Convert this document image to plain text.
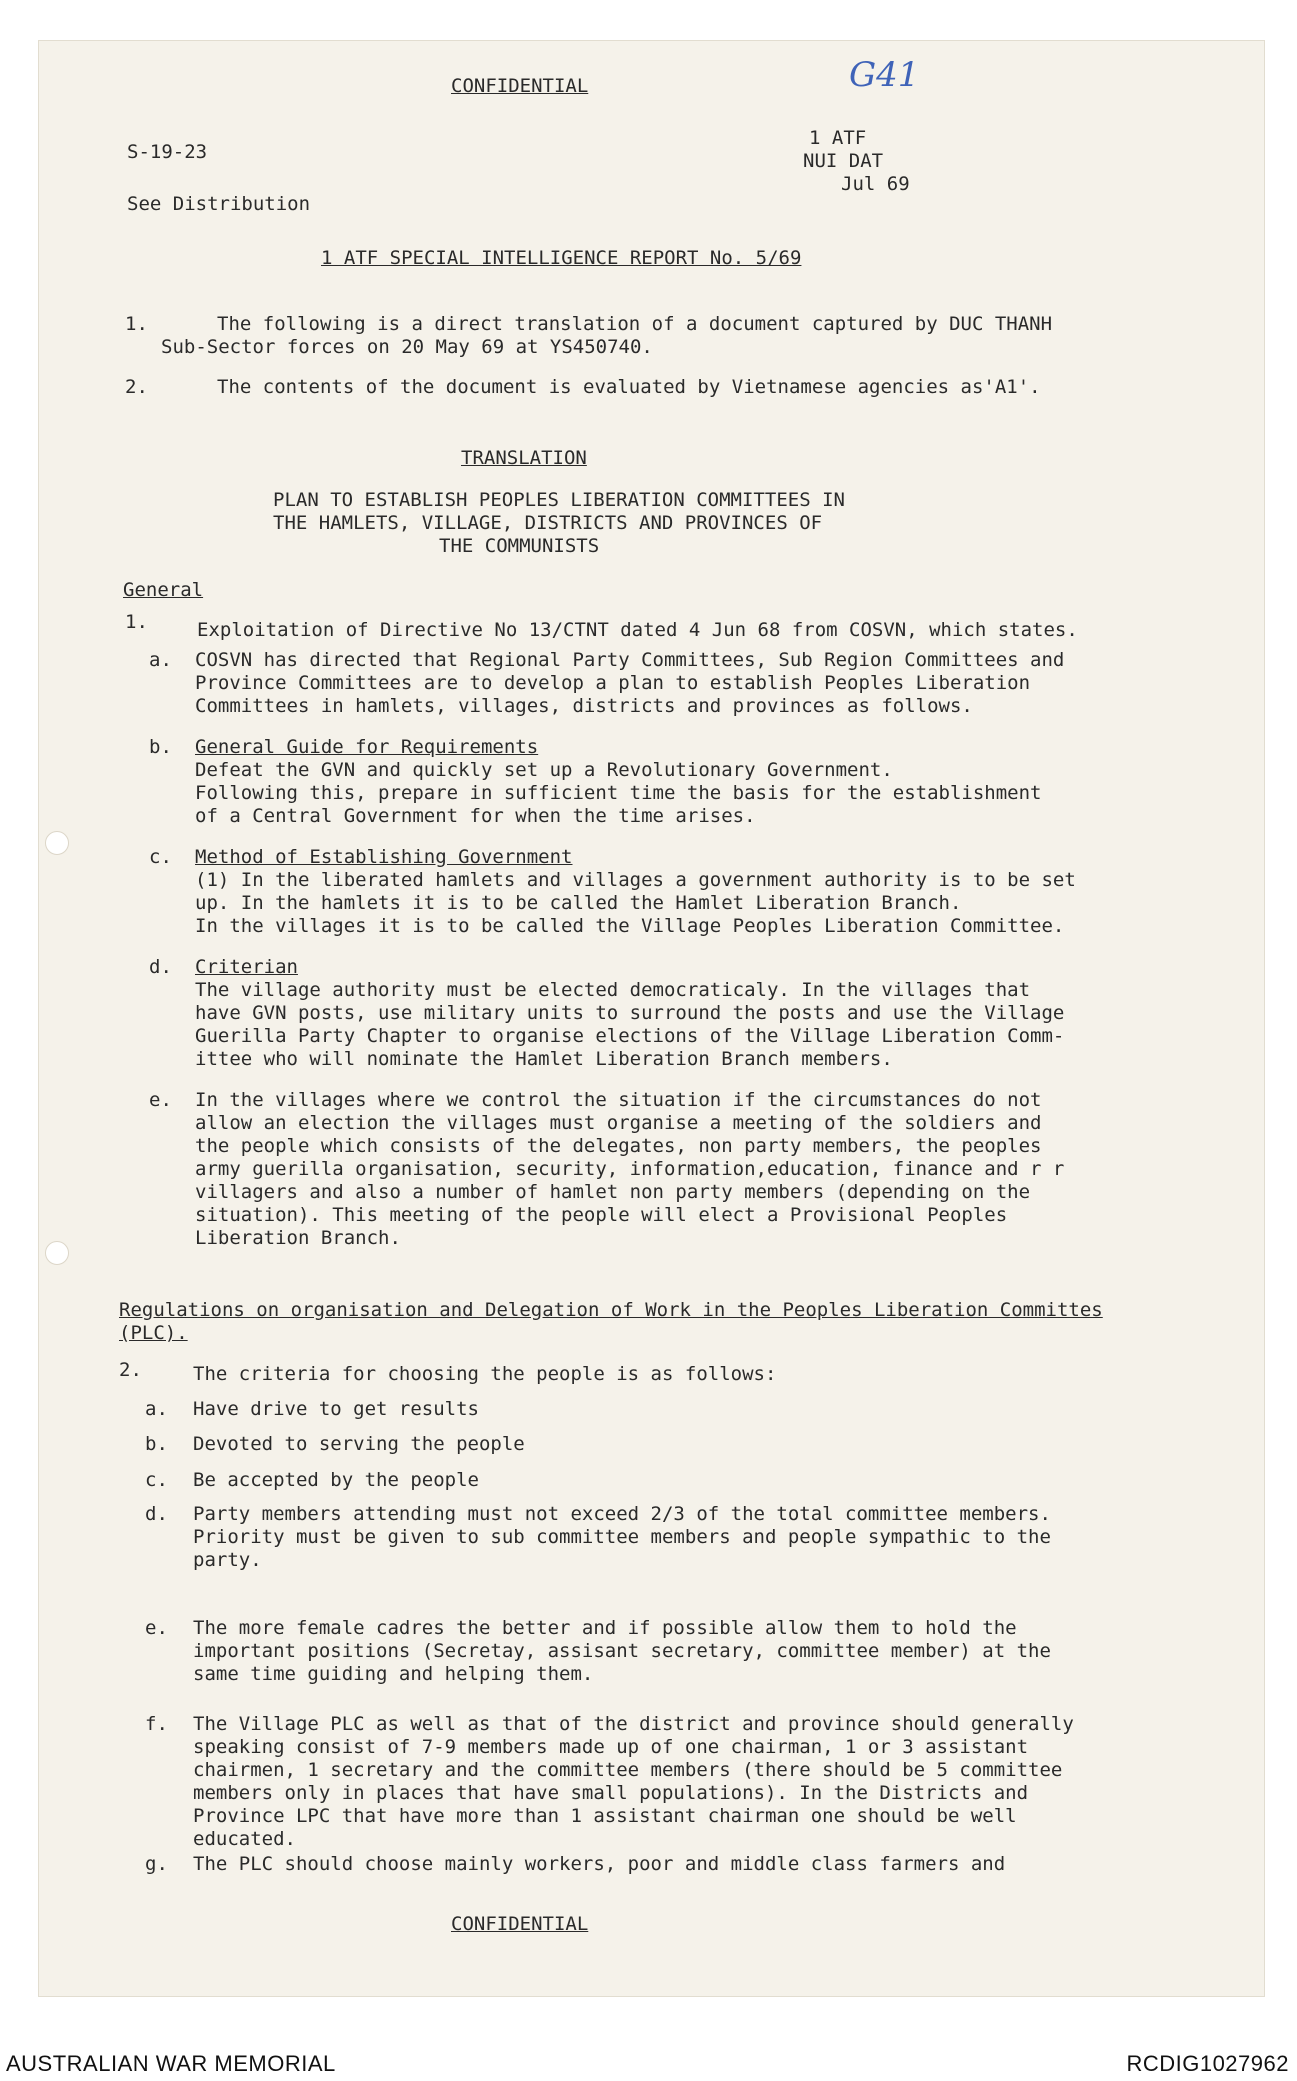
CONFIDENTIAL	G41
S-19-23
1 ATF
NUI DAT
Jul 69
See Distribution
1 ATF SPECIAL INTELLIGENCE REPORT No. 5/69
1.	The following is a direct translation of a document captured by DUC THANH
Sub-Sector forces on 20 May 69 at YS450740.
2.	The contents of the document is evaluated by Vietnamese agencies as'A1'.
TRANSLATION
PLAN TO ESTABLISH PEOPLES LIBERATION COMMITTEES IN
THE HAMLETS, VILLAGE, DISTRICTS AND PROVINCES OF
THE COMMUNISTS
General
1.	Exploitation of Directive No 13/CTNT dated 4 Jun 68 from COSVN, which states.
a. COSVN has directed that Regional Party Committees, Sub Region Committees and
Province Committees are to develop a plan to establish Peoples Liberation
Committees in hamlets, villages, districts and provinces as follows.
b. General Guide for Requirements
Defeat the GVN and quickly set up a Revolutionary Government.
Following this, prepare in sufficient time the basis for the establishment
of a Central Government for when the time arises.
c. Method of Establishing Government
(1) In the liberated hamlets and villages a government authority is to be set
up. In the hamlets it is to be called the Hamlet Liberation Branch.
In the villages it is to be called the Village Peoples Liberation Committee.
d. Criterian
The village authority must be elected democraticaly. In the villages that
have GVN posts, use military units to surround the posts and use the Village
Guerilla Party Chapter to organise elections of the Village Liberation Comm-
ittee who will nominate the Hamlet Liberation Branch members.
e. In the villages where we control the situation if the circumstances do not
allow an election the villages must organise a meeting of the soldiers and
the people which consists of the delegates, non party members, the peoples
army guerilla organisation, security, information,education, finance and r r
villagers and also a number of hamlet non party members (depending on the
situation). This meeting of the people will elect a Provisional Peoples
Liberation Branch.
Regulations on organisation and Delegation of Work in the Peoples Liberation Committes
(PLC).
2.	The criteria for choosing the people is as follows:
a. Have drive to get results
b. Devoted to serving the people
c. Be accepted by the people
d. Party members attending must not exceed 2/3 of the total committee members.
Priority must be given to sub committee members and people sympathic to the
party.
e. The more female cadres the better and if possible allow them to hold the
important positions (Secretay, assisant secretary, committee member) at the
same time guiding and helping them.
f. The Village PLC as well as that of the district and province should generally
speaking consist of 7-9 members made up of one chairman, 1 or 3 assistant
chairmen, 1 secretary and the committee members (there should be 5 committee
members only in places that have small populations). In the Districts and
Province LPC that have more than 1 assistant chairman one should be well
educated.
g. The PLC should choose mainly workers, poor and middle class farmers and
CONFIDENTIAL
AUSTRALIAN WAR MEMORIAL	RCDIG1027962
